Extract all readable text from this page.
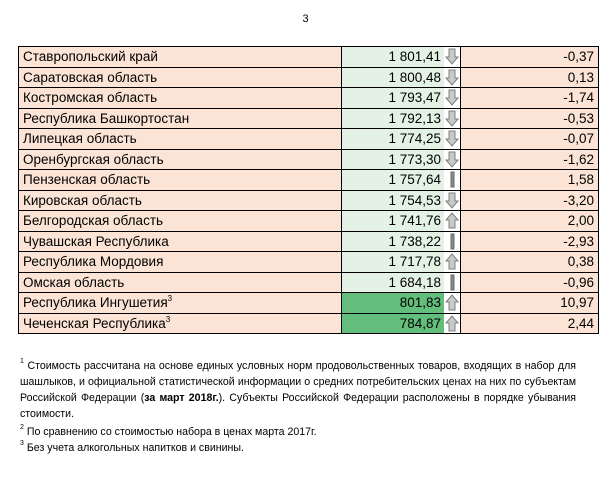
3
Ставропольский край	1 801,41		-0,37
Саратовская область	1 800,48		0,13
Костромская область	1 793,47		-1,74
Республика Башкортостан	1 792,13		-0,53
Липецкая область	1 774,25		-0,07
Оренбургская область	1 773,30		-1,62
Пензенская область	1 757,64		1,58
Кировская область	1 754,53		-3,20
Белгородская область	1 741,76		2,00
Чувашская Республика	1 738,22		-2,93
Республика Мордовия	1 717,78		0,38
Омская область	1 684,18		-0,96
Республика Ингушетия$^3$	801,83		10,97
Чеченская Республика$^3$	784,87		2,44

$^1$ Стоимость рассчитана на основе единых условных норм продовольственных товаров, входящих в набор для шашлыков, и официальной статистической информации о средних потребительских ценах на них по субъектам Российской Федерации (за март 2018г.). Субъекты Российской Федерации расположены в порядке убывания стоимости.

$^2$ По сравнению со стоимостью набора в ценах марта 2017г.

$^3$ Без учета алкогольных напитков и свинины.
